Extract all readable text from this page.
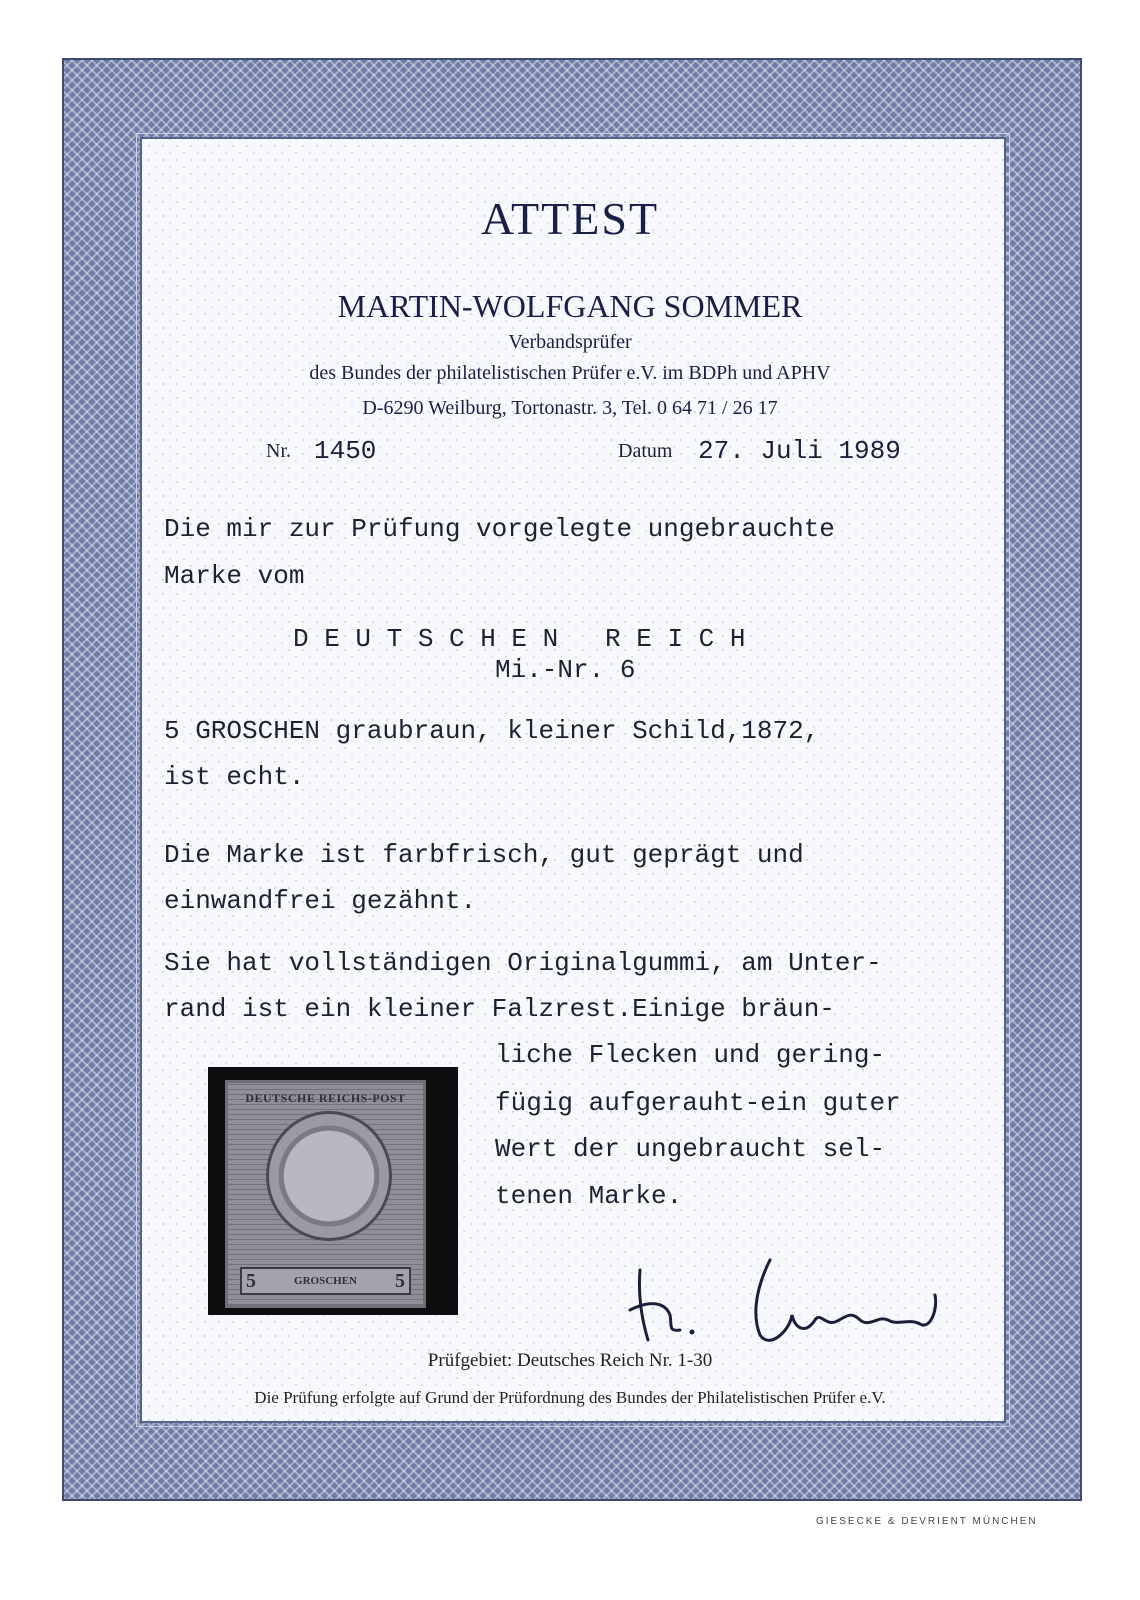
ATTEST
MARTIN-WOLFGANG SOMMER
Verbandsprüfer
des Bundes der philatelistischen Prüfer e.V. im BDPh und APHV
D-6290 Weilburg, Tortonastr. 3, Tel. 0 64 71 / 26 17
Nr. 1450	Datum 27. Juli 1989
Die mir zur Prüfung vorgelegte ungebrauchte
Marke vom
D E U T S C H E N   R E I C H
Mi.-Nr. 6
5 GROSCHEN graubraun, kleiner Schild,1872,
ist echt.
Die Marke ist farbfrisch, gut geprägt und
einwandfrei gezähnt.
Sie hat vollständigen Originalgummi, am Unter-
rand ist ein kleiner Falzrest.Einige bräun-
liche Flecken und gering-
fügig aufgerauht-ein guter
Wert der ungebraucht sel-
tenen Marke.
DEUTSCHE REICHS-POST
5	GROSCHEN 5
Prüfgebiet: Deutsches Reich Nr. 1-30
Die Prüfung erfolgte auf Grund der Prüfordnung des Bundes der Philatelistischen Prüfer e.V.
GIESECKE & DEVRIENT MÜNCHEN
